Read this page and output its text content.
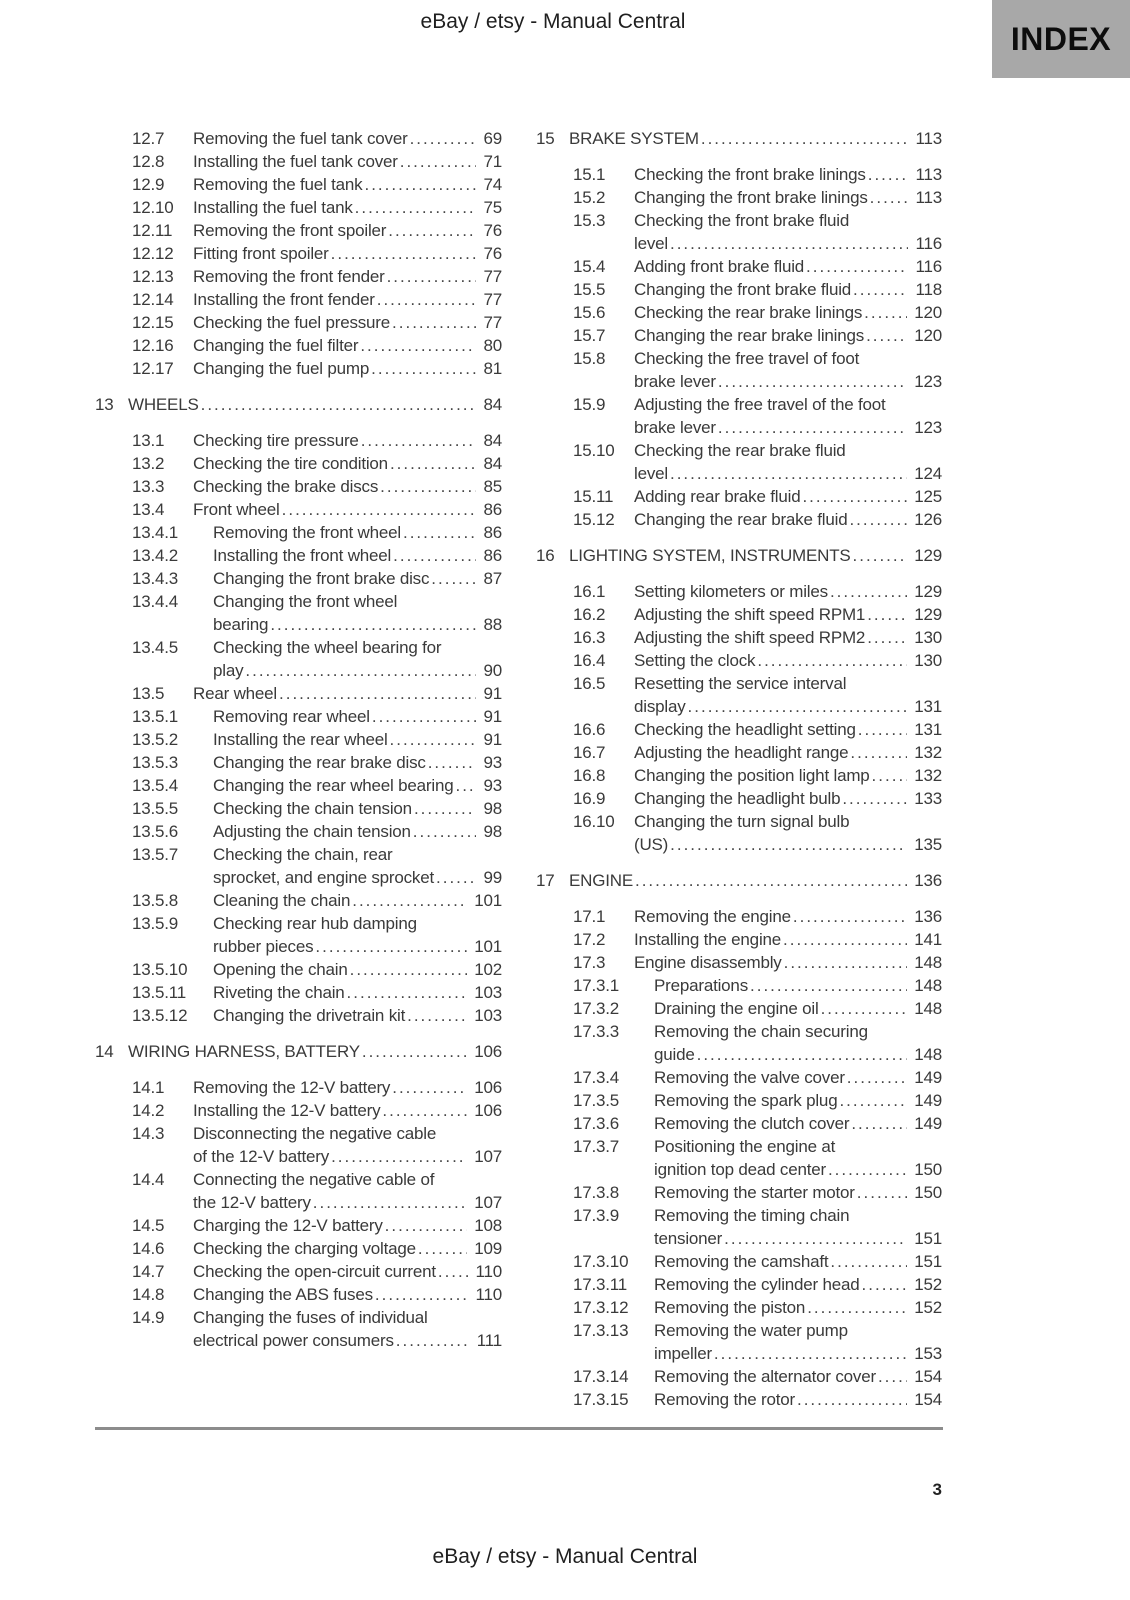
eBay / etsy - Manual Central	INDEX
12.7	Removing the fuel tank cover .....	69
12.8	Installing the fuel tank cover .....	71
12.9	Removing the fuel tank .....	74
12.10	Installing the fuel tank .....	75
12.11	Removing the front spoiler .....	76
12.12	Fitting front spoiler .....	76
12.13	Removing the front fender .....	77
12.14	Installing the front fender .....	77
12.15	Checking the fuel pressure .....	77
12.16	Changing the fuel filter .....	80
12.17	Changing the fuel pump .....	81
13 WHEELS .....	84
13.1	Checking tire pressure .....	84
13.2	Checking the tire condition .....	84
13.3	Checking the brake discs .....	85
13.4	Front wheel .....	86
13.4.1	Removing the front wheel .....	86
13.4.2	Installing the front wheel .....	86
13.4.3	Changing the front brake disc .....	87
13.4.4	Changing the front wheel
bearing .....	88
13.4.5	Checking the wheel bearing for
play .....	90
13.5	Rear wheel .....	91
13.5.1	Removing rear wheel .....	91
13.5.2	Installing the rear wheel .....	91
13.5.3	Changing the rear brake disc .....	93
13.5.4	Changing the rear wheel bearing .....	93
13.5.5	Checking the chain tension .....	98
13.5.6	Adjusting the chain tension .....	98
13.5.7	Checking the chain, rear
sprocket, and engine sprocket .....	99
13.5.8	Cleaning the chain .....	101
13.5.9	Checking rear hub damping
rubber pieces .....	101
13.5.10	Opening the chain .....	102
13.5.11	Riveting the chain .....	103
13.5.12	Changing the drivetrain kit .....	103
14 WIRING HARNESS, BATTERY .....	106
14.1	Removing the 12-V battery .....	106
14.2	Installing the 12-V battery .....	106
14.3	Disconnecting the negative cable
of the 12-V battery .....	107
14.4	Connecting the negative cable of
the 12-V battery .....	107
14.5	Charging the 12-V battery .....	108
14.6	Checking the charging voltage .....	109
14.7	Checking the open-circuit current .....	110
14.8	Changing the ABS fuses .....	110
14.9	Changing the fuses of individual
electrical power consumers .....	111
15 BRAKE SYSTEM .....	113
15.1	Checking the front brake linings .....	113
15.2	Changing the front brake linings .....	113
15.3	Checking the front brake fluid
level .....	116
15.4	Adding front brake fluid .....	116
15.5	Changing the front brake fluid .....	118
15.6	Checking the rear brake linings .....	120
15.7	Changing the rear brake linings .....	120
15.8	Checking the free travel of foot
brake lever .....	123
15.9	Adjusting the free travel of the foot
brake lever .....	123
15.10	Checking the rear brake fluid
level .....	124
15.11	Adding rear brake fluid .....	125
15.12	Changing the rear brake fluid .....	126
16 LIGHTING SYSTEM, INSTRUMENTS .....	129
16.1	Setting kilometers or miles .....	129
16.2	Adjusting the shift speed RPM1 .....	129
16.3	Adjusting the shift speed RPM2 .....	130
16.4	Setting the clock .....	130
16.5	Resetting the service interval
display .....	131
16.6	Checking the headlight setting .....	131
16.7	Adjusting the headlight range .....	132
16.8	Changing the position light lamp .....	132
16.9	Changing the headlight bulb .....	133
16.10	Changing the turn signal bulb
(US) .....	135
17 ENGINE .....	136
17.1	Removing the engine .....	136
17.2	Installing the engine .....	141
17.3	Engine disassembly .....	148
17.3.1	Preparations .....	148
17.3.2	Draining the engine oil .....	148
17.3.3	Removing the chain securing
guide .....	148
17.3.4	Removing the valve cover .....	149
17.3.5	Removing the spark plug .....	149
17.3.6	Removing the clutch cover .....	149
17.3.7	Positioning the engine at
ignition top dead center .....	150
17.3.8	Removing the starter motor .....	150
17.3.9	Removing the timing chain
tensioner .....	151
17.3.10	Removing the camshaft .....	151
17.3.11	Removing the cylinder head .....	152
17.3.12	Removing the piston .....	152
17.3.13	Removing the water pump
impeller .....	153
17.3.14	Removing the alternator cover .....	154
17.3.15	Removing the rotor .....	154
3
eBay / etsy - Manual Central
